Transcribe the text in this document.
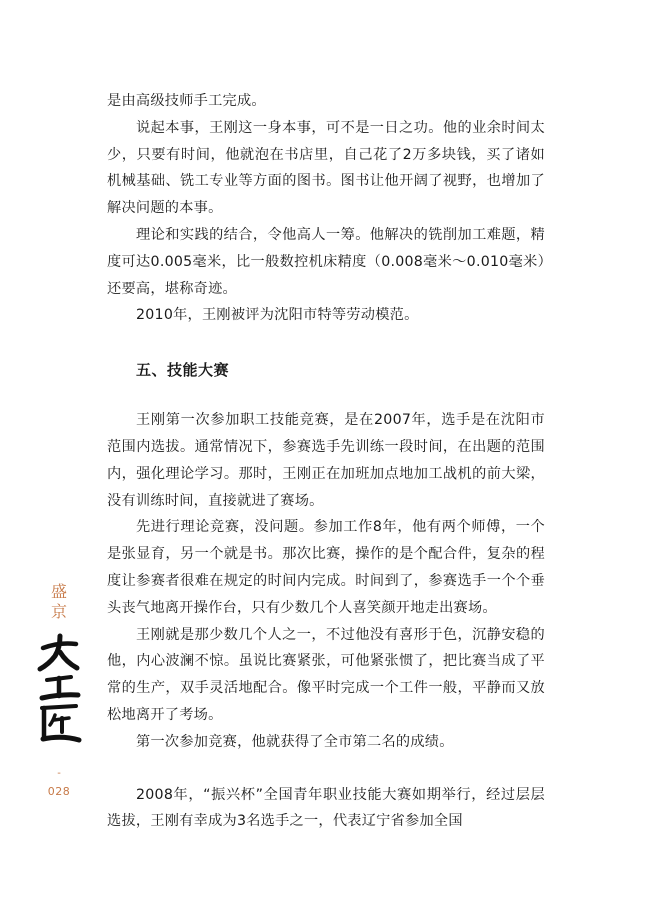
是由高级技师手工完成。

说起本事，王刚这一身本事，可不是一日之功。他的业余时间太少，只要有时间，他就泡在书店里，自己花了2万多块钱，买了诸如机械基础、铣工专业等方面的图书。图书让他开阔了视野，也增加了解决问题的本事。

理论和实践的结合，令他高人一筹。他解决的铣削加工难题，精度可达0.005毫米，比一般数控机床精度（0.008毫米～0.010毫米）还要高，堪称奇迹。

2010年，王刚被评为沈阳市特等劳动模范。

五、技能大赛

王刚第一次参加职工技能竞赛，是在2007年，选手是在沈阳市范围内选拔。通常情况下，参赛选手先训练一段时间，在出题的范围内，强化理论学习。那时，王刚正在加班加点地加工战机的前大梁，没有训练时间，直接就进了赛场。

先进行理论竞赛，没问题。参加工作8年，他有两个师傅，一个是张显育，另一个就是书。那次比赛，操作的是个配合件，复杂的程度让参赛者很难在规定的时间内完成。时间到了，参赛选手一个个垂头丧气地离开操作台，只有少数几个人喜笑颜开地走出赛场。

王刚就是那少数几个人之一，不过他没有喜形于色，沉静安稳的他，内心波澜不惊。虽说比赛紧张，可他紧张惯了，把比赛当成了平常的生产，双手灵活地配合。像平时完成一个工件一般，平静而又放松地离开了考场。

第一次参加竞赛，他就获得了全市第二名的成绩。

2008年，“振兴杯”全国青年职业技能大赛如期举行，经过层层选拔，王刚有幸成为3名选手之一，代表辽宁省参加全国

盛
京
-
028
